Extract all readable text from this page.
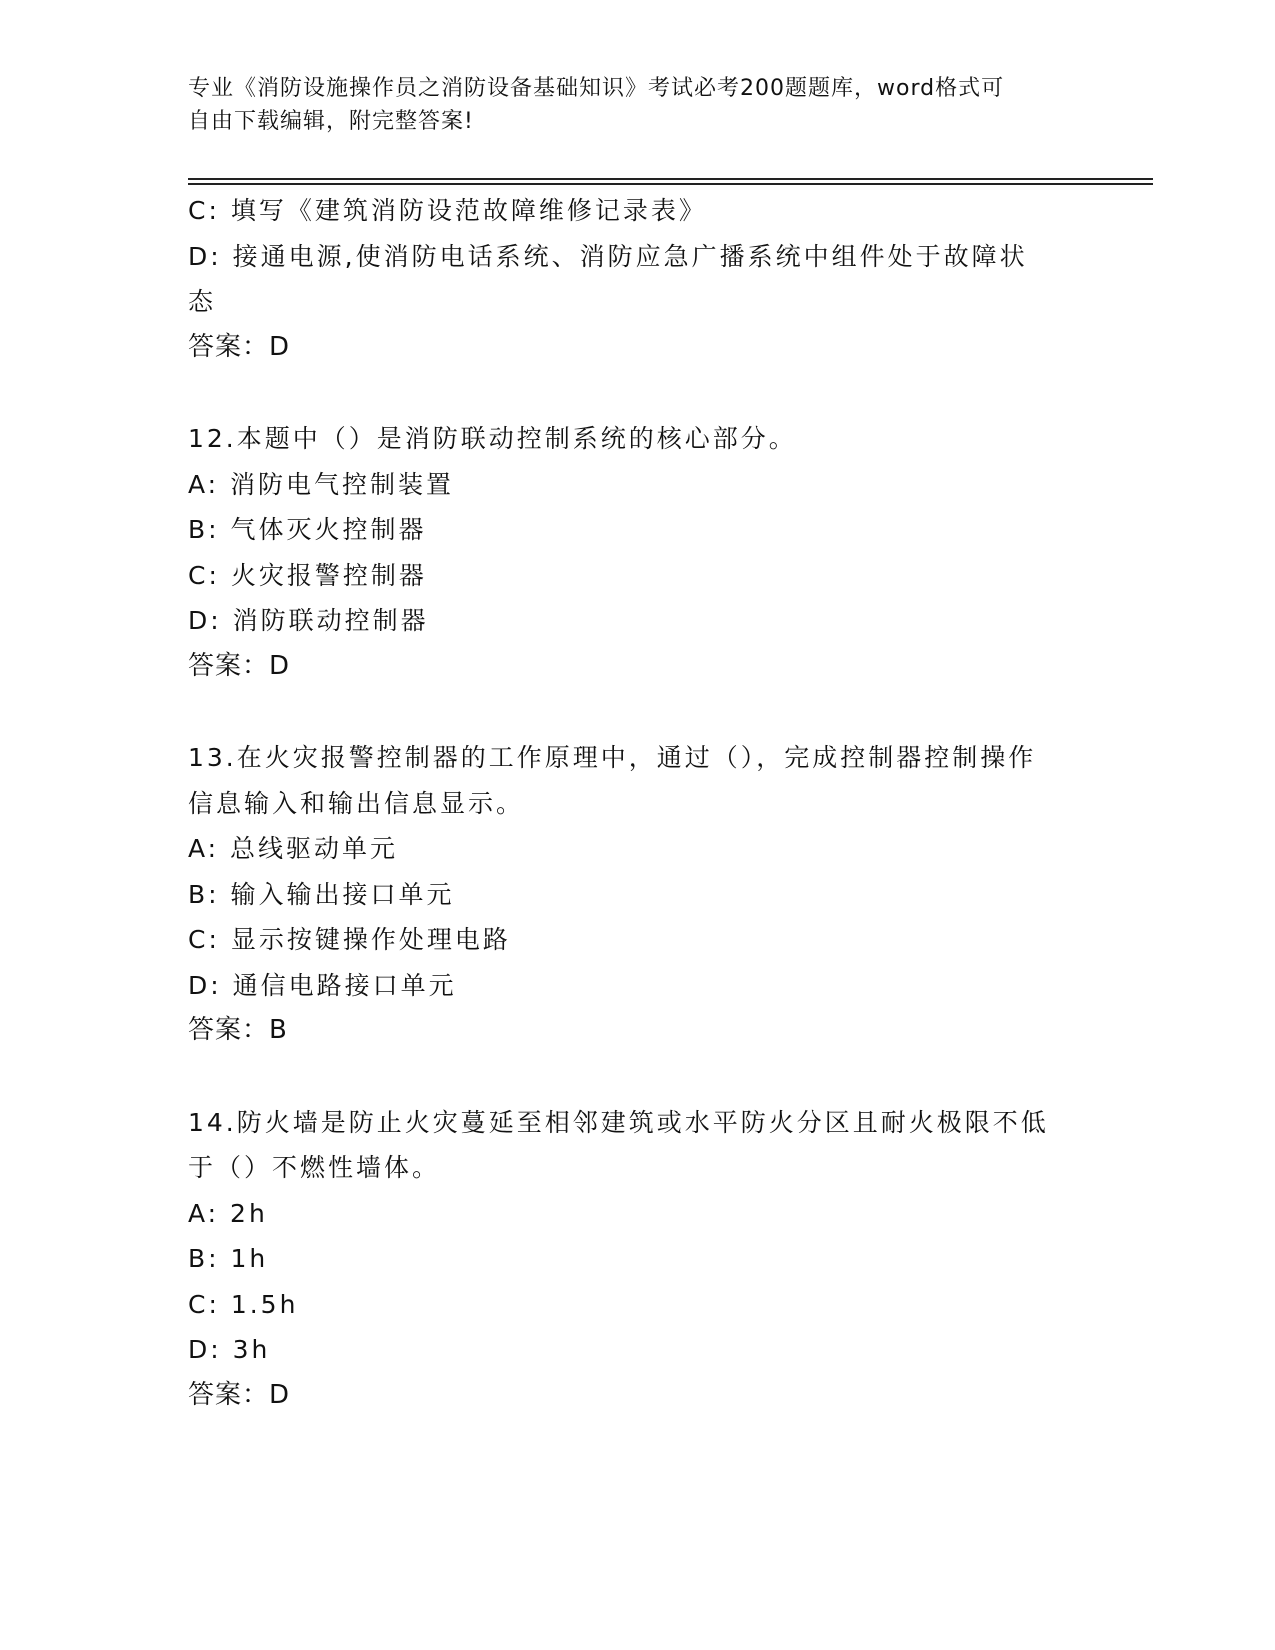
专业《消防设施操作员之消防设备基础知识》考试必考200题题库，word格式可
自由下载编辑，附完整答案!
C: 填写《建筑消防设范故障维修记录表》
D: 接通电源,使消防电话系统、消防应急广播系统中组件处于故障状
态
答案：D
12.本题中（）是消防联动控制系统的核心部分。
A: 消防电气控制装置
B: 气体灭火控制器
C: 火灾报警控制器
D: 消防联动控制器
答案：D
13.在火灾报警控制器的工作原理中，通过（），完成控制器控制操作
信息输入和输出信息显示。
A: 总线驱动单元
B: 输入输出接口单元
C: 显示按键操作处理电路
D: 通信电路接口单元
答案：B
14.防火墙是防止火灾蔓延至相邻建筑或水平防火分区且耐火极限不低
于（）不燃性墙体。
A: 2h
B: 1h
C: 1.5h
D: 3h
答案：D
